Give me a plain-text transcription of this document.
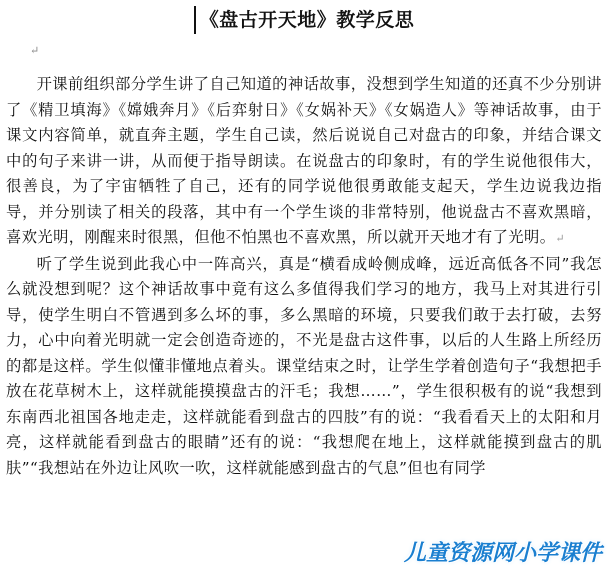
《盘古开天地》教学反思
↵

开课前组织部分学生讲了自己知道的神话故事，没想到学生知道的还真不少分别讲了《精卫填海》《嫦娥奔月》《后弈射日》《女娲补天》《女娲造人》等神话故事，由于课文内容简单，就直奔主题，学生自己读，然后说说自己对盘古的印象，并结合课文中的句子来讲一讲，从而便于指导朗读。在说盘古的印象时，有的学生说他很伟大，很善良，为了宇宙牺牲了自己，还有的同学说他很勇敢能支起天，学生边说我边指导，并分别读了相关的段落，其中有一个学生谈的非常特别，他说盘古不喜欢黑暗，喜欢光明，刚醒来时很黑，但他不怕黑也不喜欢黑，所以就开天地才有了光明。↵

听了学生说到此我心中一阵高兴，真是“横看成岭侧成峰，远近高低各不同”我怎么就没想到呢？这个神话故事中竟有这么多值得我们学习的地方，我马上对其进行引导，使学生明白不管遇到多么坏的事，多么黑暗的环境，只要我们敢于去打破，去努力，心中向着光明就一定会创造奇迹的，不光是盘古这件事，以后的人生路上所经历的都是这样。学生似懂非懂地点着头。课堂结束之时，让学生学着创造句子“我想把手放在花草树木上，这样就能摸摸盘古的汗毛；我想……”，学生很积极有的说“我想到东南西北祖国各地走走，这样就能看到盘古的四肢”有的说：“我看看天上的太阳和月亮，这样就能看到盘古的眼睛”还有的说：“我想爬在地上，这样就能摸到盘古的肌肤”“我想站在外边让风吹一吹，这样就能感到盘古的气息”但也有同学

儿童资源网小学课件
